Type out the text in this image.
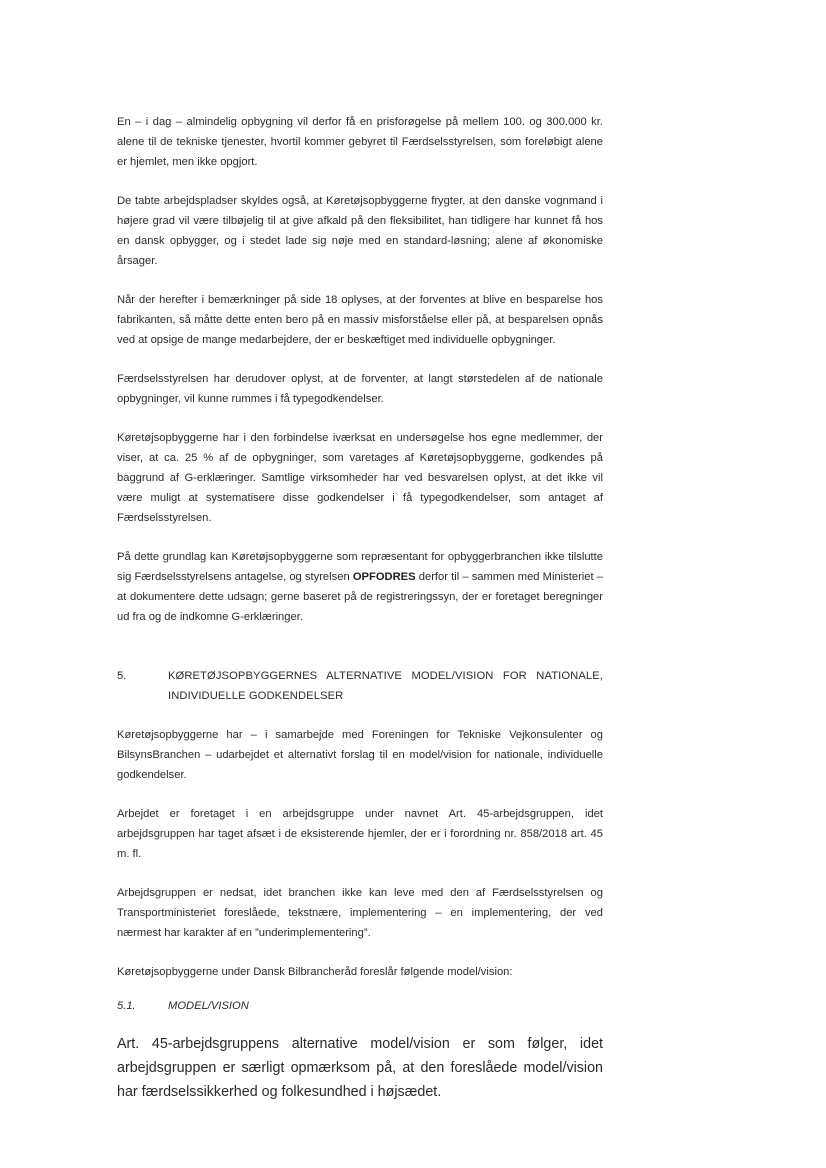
En – i dag – almindelig opbygning vil derfor få en prisforøgelse på mellem 100. og 300.000 kr. alene til de tekniske tjenester, hvortil kommer gebyret til Færdselsstyrelsen, som foreløbigt alene er hjemlet, men ikke opgjort.

De tabte arbejdspladser skyldes også, at Køretøjsopbyggerne frygter, at den danske vognmand i højere grad vil være tilbøjelig til at give afkald på den fleksibilitet, han tidligere har kunnet få hos en dansk opbygger, og i stedet lade sig nøje med en standard-løsning; alene af økonomiske årsager.

Når der herefter i bemærkninger på side 18 oplyses, at der forventes at blive en besparelse hos fabrikanten, så måtte dette enten bero på en massiv misforståelse eller på, at besparelsen opnås ved at opsige de mange medarbejdere, der er beskæftiget med individuelle opbygninger.

Færdselsstyrelsen har derudover oplyst, at de forventer, at langt størstedelen af de nationale opbygninger, vil kunne rummes i få typegodkendelser.

Køretøjsopbyggerne har i den forbindelse iværksat en undersøgelse hos egne medlemmer, der viser, at ca. 25 % af de opbygninger, som varetages af Køretøjsopbyggerne, godkendes på baggrund af G-erklæringer. Samtlige virksomheder har ved besvarelsen oplyst, at det ikke vil være muligt at systematisere disse godkendelser i få typegodkendelser, som antaget af Færdselsstyrelsen.

På dette grundlag kan Køretøjsopbyggerne som repræsentant for opbyggerbranchen ikke tilslutte sig Færdselsstyrelsens antagelse, og styrelsen OPFODRES derfor til – sammen med Ministeriet – at dokumentere dette udsagn; gerne baseret på de registreringssyn, der er foretaget beregninger ud fra og de indkomne G-erklæringer.

5.	KØRETØJSOPBYGGERNES ALTERNATIVE MODEL/VISION FOR NATIONALE, INDIVIDUELLE GODKENDELSER

Køretøjsopbyggerne har – i samarbejde med Foreningen for Tekniske Vejkonsulenter og BilsynsBranchen – udarbejdet et alternativt forslag til en model/vision for nationale, individuelle godkendelser.

Arbejdet er foretaget i en arbejdsgruppe under navnet Art. 45-arbejdsgruppen, idet arbejdsgruppen har taget afsæt i de eksisterende hjemler, der er i forordning nr. 858/2018 art. 45 m. fl.

Arbejdsgruppen er nedsat, idet branchen ikke kan leve med den af Færdselsstyrelsen og Transportministeriet foreslåede, tekstnære, implementering – en implementering, der ved nærmest har karakter af en ”underimplementering”.

Køretøjsopbyggerne under Dansk Bilbrancheråd foreslår følgende model/vision:

5.1.	MODEL/VISION

Art. 45-arbejdsgruppens alternative model/vision er som følger, idet arbejdsgruppen er særligt opmærksom på, at den foreslåede model/vision har færdselssikkerhed og folkesundhed i højsædet.
